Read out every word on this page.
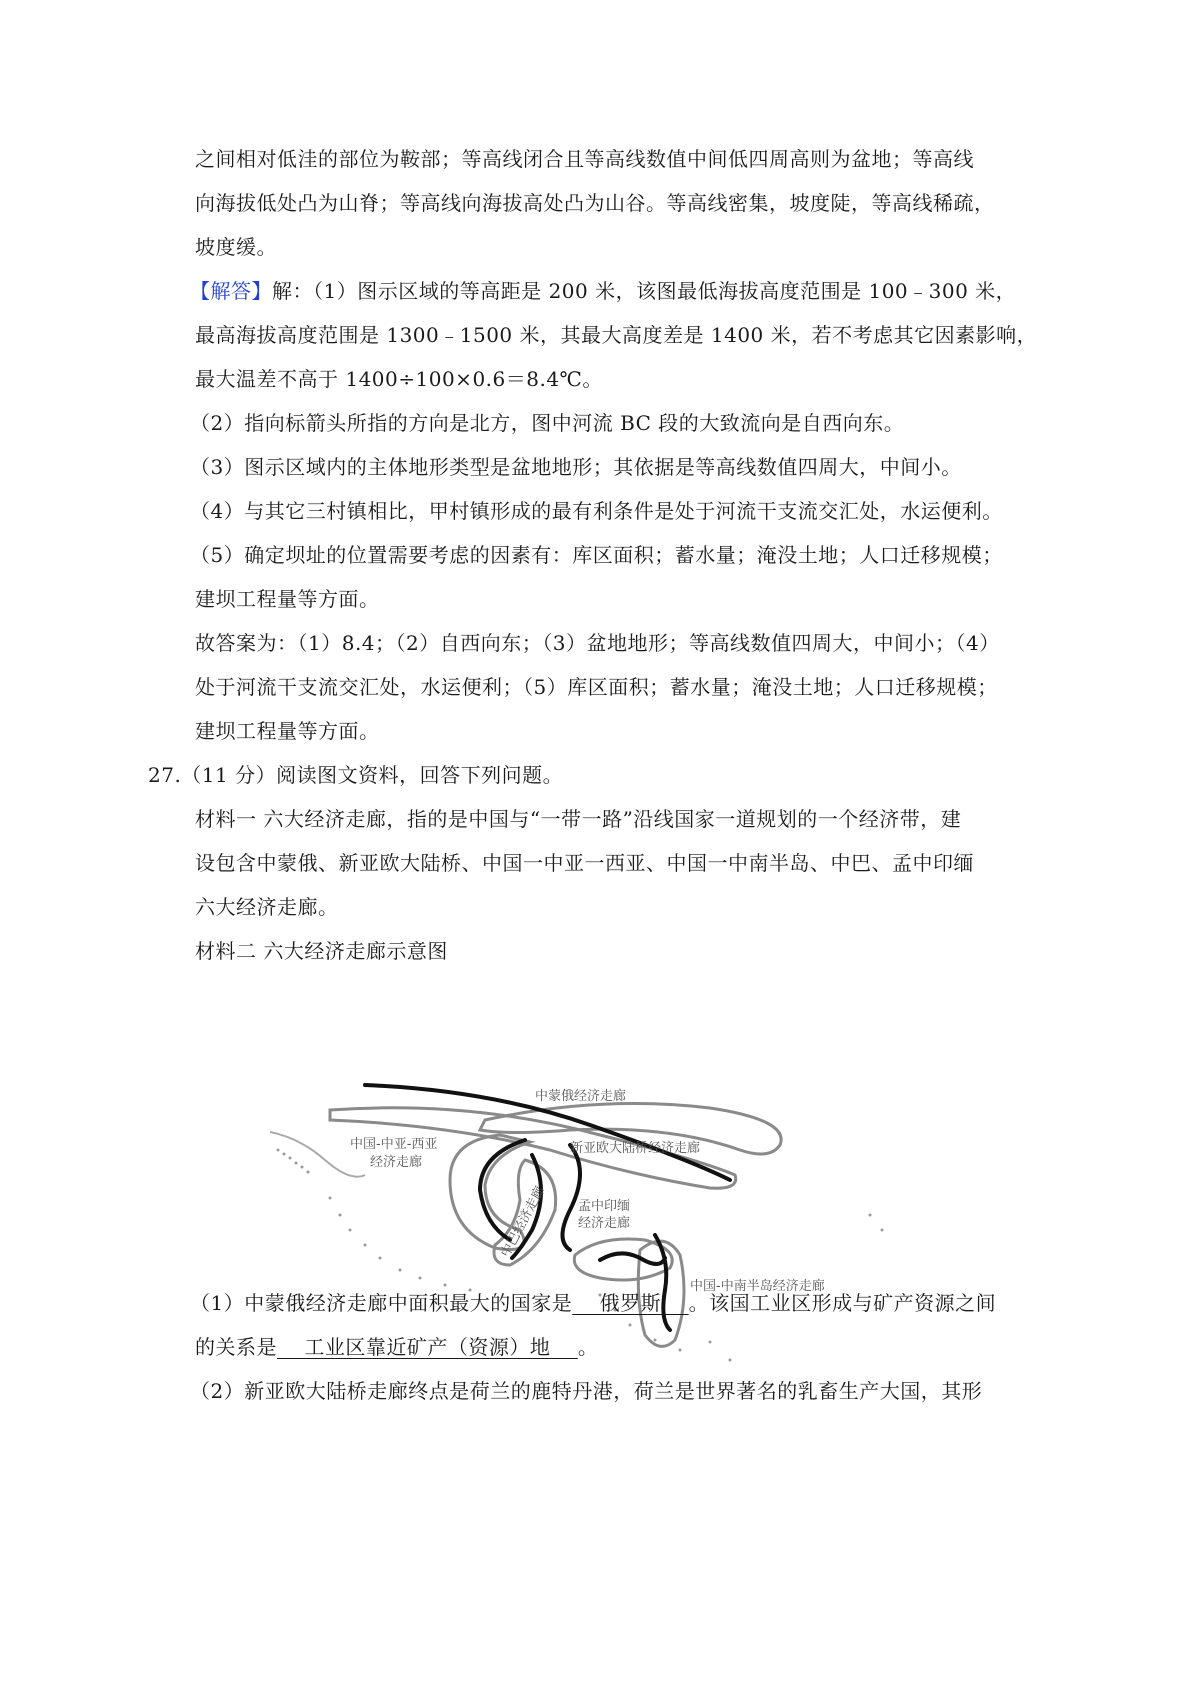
之间相对低洼的部位为鞍部；等高线闭合且等高线数值中间低四周高则为盆地；等高线
向海拔低处凸为山脊；等高线向海拔高处凸为山谷。等高线密集，坡度陡，等高线稀疏，
坡度缓。
【解答】解：（1）图示区域的等高距是 200 米，该图最低海拔高度范围是 100﹣300 米，
最高海拔高度范围是 1300﹣1500 米，其最大高度差是 1400 米，若不考虑其它因素影响，
最大温差不高于 1400÷100×0.6＝8.4℃。
（2）指向标箭头所指的方向是北方，图中河流 BC 段的大致流向是自西向东。
（3）图示区域内的主体地形类型是盆地地形；其依据是等高线数值四周大，中间小。
（4）与其它三村镇相比，甲村镇形成的最有利条件是处于河流干支流交汇处，水运便利。
（5）确定坝址的位置需要考虑的因素有：库区面积；蓄水量；淹没土地；人口迁移规模；
建坝工程量等方面。
故答案为：（1）8.4；（2）自西向东；（3）盆地地形；等高线数值四周大，中间小；（4）
处于河流干支流交汇处，水运便利；（5）库区面积；蓄水量；淹没土地；人口迁移规模；
建坝工程量等方面。
27.（11 分）阅读图文资料，回答下列问题。
材料一 六大经济走廊，指的是中国与“一带一路”沿线国家一道规划的一个经济带，建
设包含中蒙俄、新亚欧大陆桥、中国一中亚一西亚、中国一中南半岛、中巴、孟中印缅
六大经济走廊。
材料二 六大经济走廊示意图
中蒙俄经济走廊
新亚欧大陆桥经济走廊
中国-中亚-西亚
经济走廊
中巴经济走廊 孟中印缅
经济走廊
中国-中南半岛经济走廊
（1）中蒙俄经济走廊中面积最大的国家是    俄罗斯    。该国工业区形成与矿产资源之间
的关系是    工业区靠近矿产（资源）地    。
（2）新亚欧大陆桥走廊终点是荷兰的鹿特丹港，荷兰是世界著名的乳畜生产大国，其形
